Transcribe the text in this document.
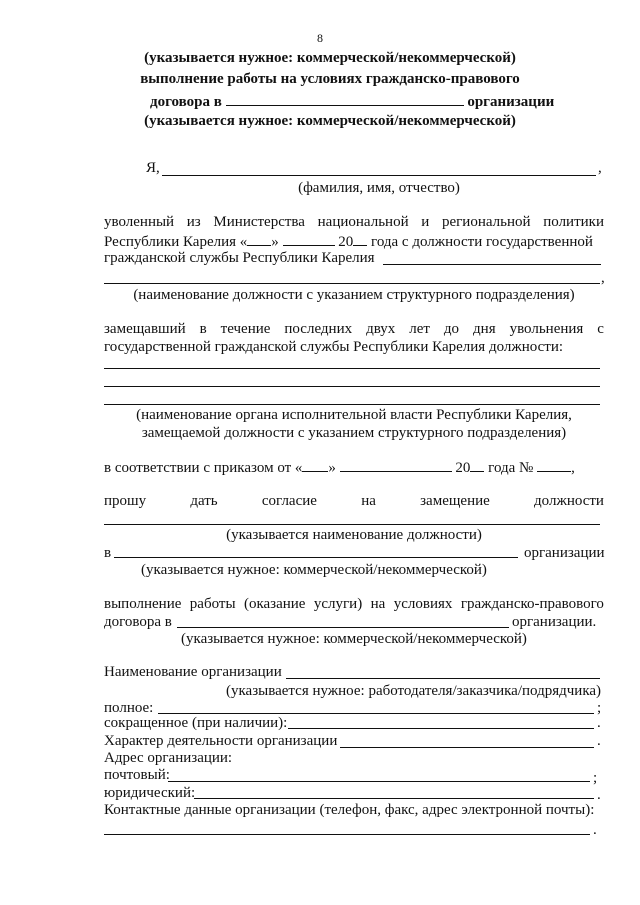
8
(указывается нужное: коммерческой/некоммерческой)
выполнение работы на условиях гражданско-правового
договора в	организации
(указывается нужное: коммерческой/некоммерческой)
Я,	,
(фамилия, имя, отчество)
уволенный из Министерства национальной и региональной политики
Республики Карелия « »	20 года с должности государственной
гражданской службы Республики Карелия
,
(наименование должности с указанием структурного подразделения)
замещавший в течение последних двух лет до дня увольнения с
государственной гражданской службы Республики Карелия должности:
(наименование органа исполнительной власти Республики Карелия,
замещаемой должности с указанием структурного подразделения)
в соответствии с приказом от « »	20 года №	,
прошу	дать	согласие	на	замещение	должности
(указывается наименование должности)
в	организации
(указывается нужное: коммерческой/некоммерческой)
выполнение работы (оказание услуги) на условиях гражданско-правового
договора в	организации.
(указывается нужное: коммерческой/некоммерческой)
Наименование организации
(указывается нужное: работодателя/заказчика/подрядчика)
полное:	;
сокращенное (при наличии):	.
Характер деятельности организации	.
Адрес организации:
почтовый:	;
юридический:	.
Контактные данные организации (телефон, факс, адрес электронной почты):
.
